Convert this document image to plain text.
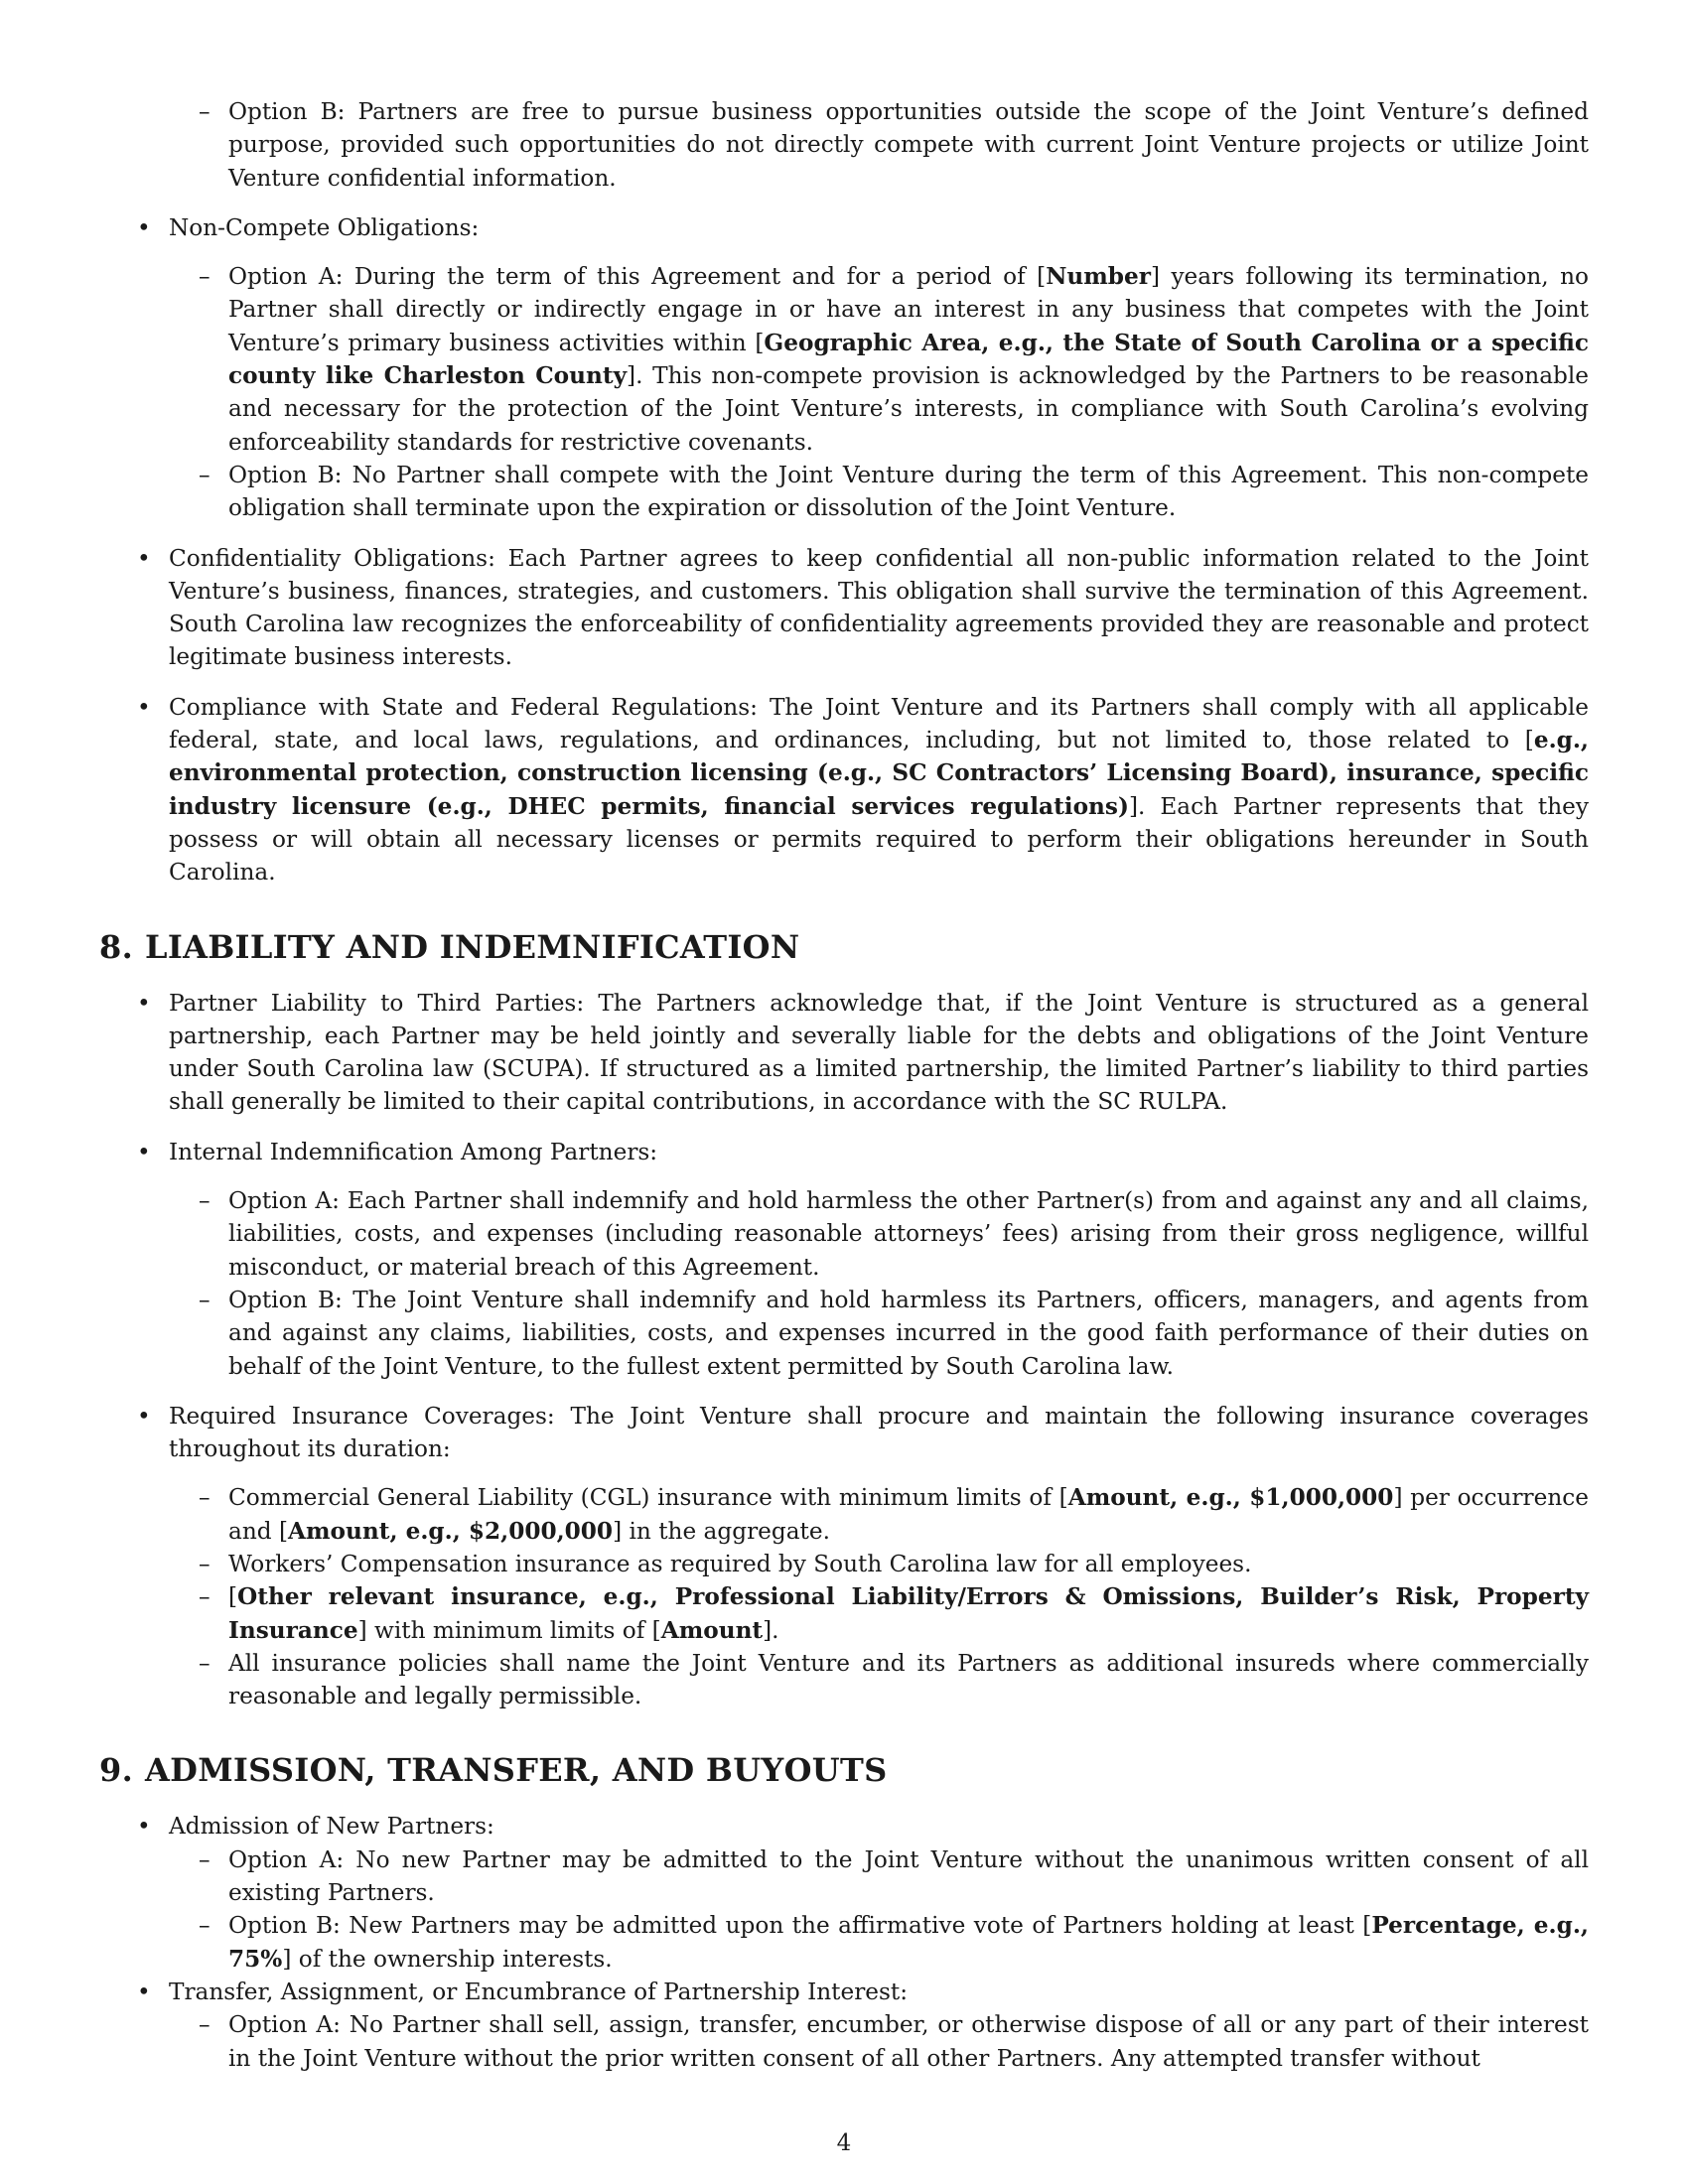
– Option B: Partners are free to pursue business opportunities outside the scope of the Joint Venture’s defined purpose, provided such opportunities do not directly compete with current Joint Venture projects or utilize Joint Venture confidential information.

• Non-Compete Obligations:

– Option A: During the term of this Agreement and for a period of [Number] years following its termination, no Partner shall directly or indirectly engage in or have an interest in any business that competes with the Joint Venture’s primary business activities within [Geographic Area, e.g., the State of South Carolina or a specific county like Charleston County]. This non-compete provision is acknowledged by the Partners to be reasonable and necessary for the protection of the Joint Venture’s interests, in compliance with South Carolina’s evolving enforceability standards for restrictive covenants.
– Option B: No Partner shall compete with the Joint Venture during the term of this Agreement. This non-compete obligation shall terminate upon the expiration or dissolution of the Joint Venture.
• Confidentiality Obligations: Each Partner agrees to keep confidential all non-public information related to the Joint Venture’s business, finances, strategies, and customers. This obligation shall survive the termination of this Agreement. South Carolina law recognizes the enforceability of confidentiality agreements provided they are reasonable and protect legitimate business interests.
• Compliance with State and Federal Regulations: The Joint Venture and its Partners shall comply with all applicable federal, state, and local laws, regulations, and ordinances, including, but not limited to, those related to [e.g., environmental protection, construction licensing (e.g., SC Contractors’ Licensing Board), insurance, specific industry licensure (e.g., DHEC permits, financial services regulations)]. Each Partner represents that they possess or will obtain all necessary licenses or permits required to perform their obligations hereunder in South Carolina.
8. LIABILITY AND INDEMNIFICATION
• Partner Liability to Third Parties: The Partners acknowledge that, if the Joint Venture is structured as a general partnership, each Partner may be held jointly and severally liable for the debts and obligations of the Joint Venture under South Carolina law (SCUPA). If structured as a limited partnership, the limited Partner’s liability to third parties shall generally be limited to their capital contributions, in accordance with the SC RULPA.

• Internal Indemnification Among Partners:

– Option A: Each Partner shall indemnify and hold harmless the other Partner(s) from and against any and all claims, liabilities, costs, and expenses (including reasonable attorneys’ fees) arising from their gross negligence, willful misconduct, or material breach of this Agreement.
– Option B: The Joint Venture shall indemnify and hold harmless its Partners, officers, managers, and agents from and against any claims, liabilities, costs, and expenses incurred in the good faith performance of their duties on behalf of the Joint Venture, to the fullest extent permitted by South Carolina law.

• Required Insurance Coverages: The Joint Venture shall procure and maintain the following insurance coverages throughout its duration:

– Commercial General Liability (CGL) insurance with minimum limits of [Amount, e.g., $1,000,000] per occurrence and [Amount, e.g., $2,000,000] in the aggregate.
– Workers’ Compensation insurance as required by South Carolina law for all employees.
– [Other relevant insurance, e.g., Professional Liability/Errors & Omissions, Builder’s Risk, Property Insurance] with minimum limits of [Amount].
– All insurance policies shall name the Joint Venture and its Partners as additional insureds where commercially reasonable and legally permissible.
9. ADMISSION, TRANSFER, AND BUYOUTS

• Admission of New Partners:

– Option A: No new Partner may be admitted to the Joint Venture without the unanimous written consent of all existing Partners.
– Option B: New Partners may be admitted upon the affirmative vote of Partners holding at least [Percentage, e.g., 75%] of the ownership interests.

• Transfer, Assignment, or Encumbrance of Partnership Interest:

– Option A: No Partner shall sell, assign, transfer, encumber, or otherwise dispose of all or any part of their interest in the Joint Venture without the prior written consent of all other Partners. Any attempted transfer without
4
